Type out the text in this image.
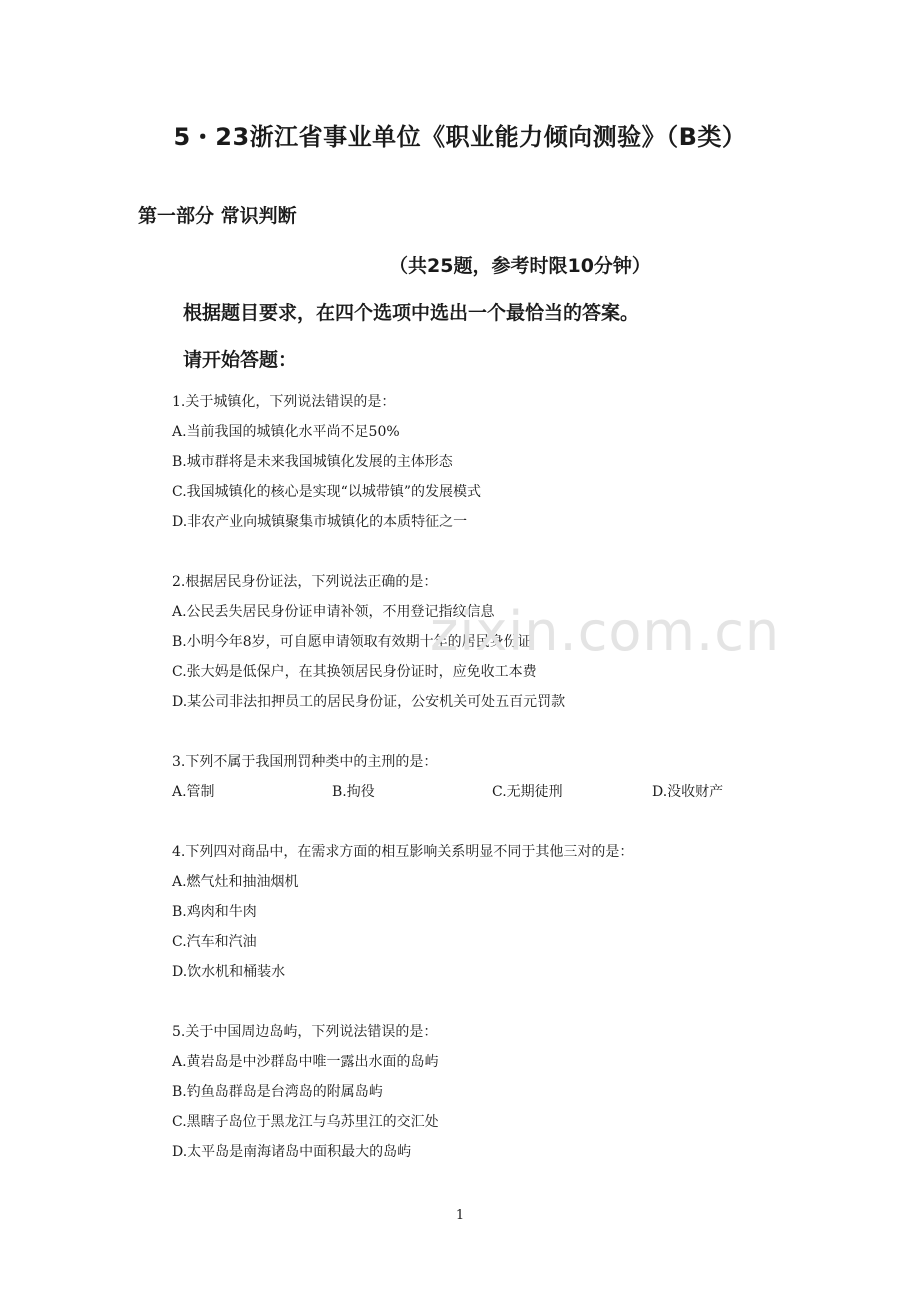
5・23浙江省事业单位《职业能力倾向测验》（B类）
第一部分 常识判断
（共25题，参考时限10分钟）
根据题目要求，在四个选项中选出一个最恰当的答案。
请开始答题：
1.关于城镇化，下列说法错误的是：
A.当前我国的城镇化水平尚不足50%
B.城市群将是未来我国城镇化发展的主体形态
C.我国城镇化的核心是实现“以城带镇”的发展模式
D.非农产业向城镇聚集市城镇化的本质特征之一
2.根据居民身份证法，下列说法正确的是：
A.公民丢失居民身份证申请补领，不用登记指纹信息
B.小明今年8岁，可自愿申请领取有效期十年的居民身份证
C.张大妈是低保户，在其换领居民身份证时，应免收工本费
D.某公司非法扣押员工的居民身份证，公安机关可处五百元罚款
3.下列不属于我国刑罚种类中的主刑的是：
A.管制	B.拘役	C.无期徒刑	D.没收财产
4.下列四对商品中，在需求方面的相互影响关系明显不同于其他三对的是：
A.燃气灶和抽油烟机
B.鸡肉和牛肉
C.汽车和汽油
D.饮水机和桶装水
5.关于中国周边岛屿，下列说法错误的是：
A.黄岩岛是中沙群岛中唯一露出水面的岛屿
B.钓鱼岛群岛是台湾岛的附属岛屿
C.黑瞎子岛位于黑龙江与乌苏里江的交汇处
D.太平岛是南海诸岛中面积最大的岛屿
zixin.com.cn
1
